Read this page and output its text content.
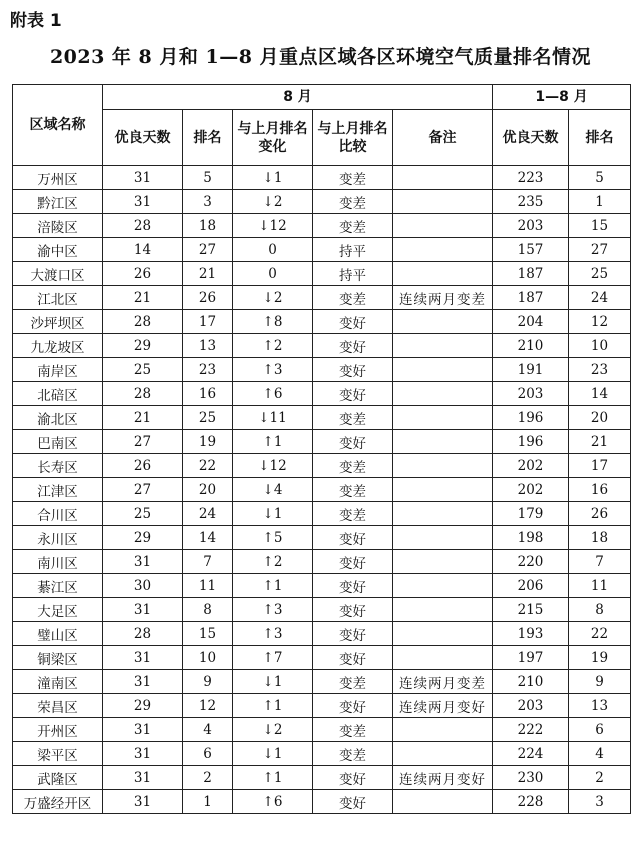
附表 1
2023 年 8 月和 1—8 月重点区域各区环境空气质量排名情况
区域名称	8 月					1—8 月	
	优良天数	排名	与上月排名变化	与上月排名比较	备注	优良天数	排名
万州区	31	5	↓1	变差		223	5
黔江区	31	3	↓2	变差		235	1
涪陵区	28	18	↓12	变差		203	15
渝中区	14	27	0	持平		157	27
大渡口区	26	21	0	持平		187	25
江北区	21	26	↓2	变差	连续两月变差	187	24
沙坪坝区	28	17	↑8	变好		204	12
九龙坡区	29	13	↑2	变好		210	10
南岸区	25	23	↑3	变好		191	23
北碚区	28	16	↑6	变好		203	14
渝北区	21	25	↓11	变差		196	20
巴南区	27	19	↑1	变好		196	21
长寿区	26	22	↓12	变差		202	17
江津区	27	20	↓4	变差		202	16
合川区	25	24	↓1	变差		179	26
永川区	29	14	↑5	变好		198	18
南川区	31	7	↑2	变好		220	7
綦江区	30	11	↑1	变好		206	11
大足区	31	8	↑3	变好		215	8
璧山区	28	15	↑3	变好		193	22
铜梁区	31	10	↑7	变好		197	19
潼南区	31	9	↓1	变差	连续两月变差	210	9
荣昌区	29	12	↑1	变好	连续两月变好	203	13
开州区	31	4	↓2	变差		222	6
梁平区	31	6	↓1	变差		224	4
武隆区	31	2	↑1	变好	连续两月变好	230	2
万盛经开区	31	1	↑6	变好		228	3
